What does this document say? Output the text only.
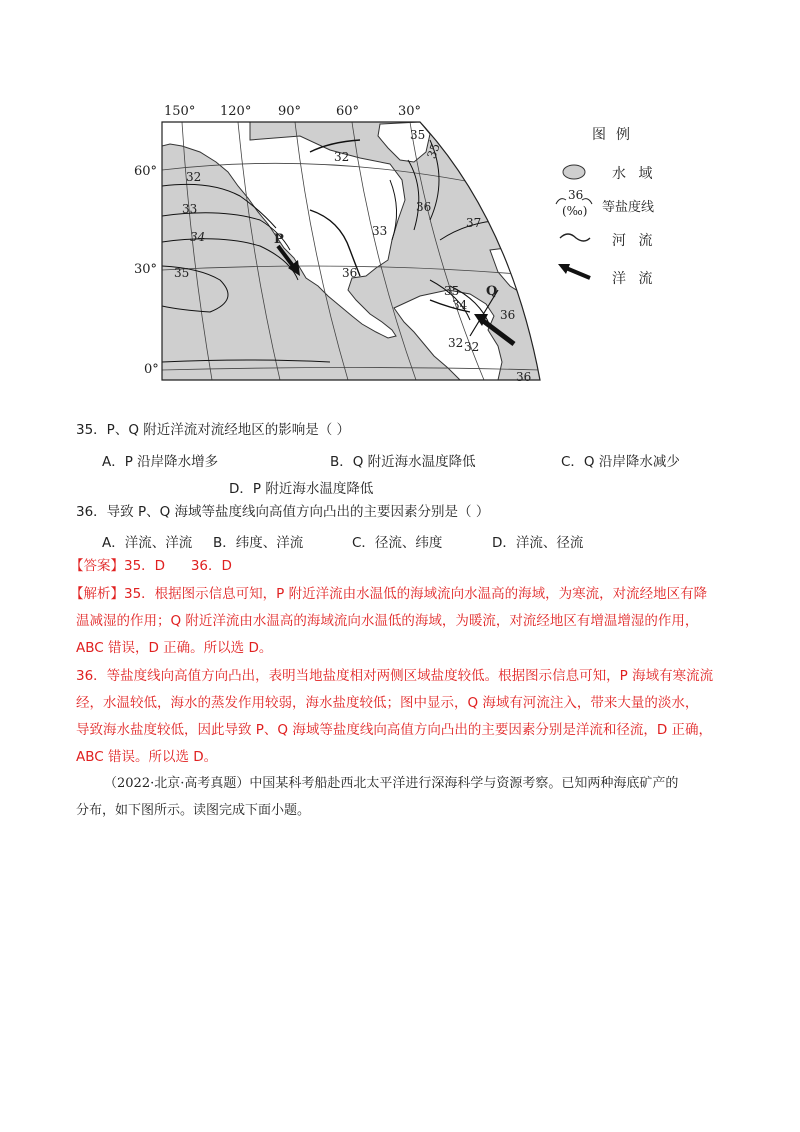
150° 120° 90°	60°	30°
60°
30°
0°
32
35
33
32
36
33
34
35
36
37
35
34
36
32 32
36
35
P
Q
图例
水 域
36
(‰) 等盐度线
河 流
洋 流
35．P、Q 附近洋流对流经地区的影响是（ ）
A．P 沿岸降水增多	B．Q 附近海水温度降低	C．Q 沿岸降水减少
D．P 附近海水温度降低
36．导致 P、Q 海域等盐度线向高值方向凸出的主要因素分别是（ ）
A．洋流、洋流 B．纬度、洋流	C．径流、纬度	D．洋流、径流
【答案】35．D      36．D
【解析】35．根据图示信息可知，P 附近洋流由水温低的海域流向水温高的海域，为寒流，对流经地区有降
温减湿的作用；Q 附近洋流由水温高的海域流向水温低的海域，为暖流，对流经地区有增温增湿的作用，
ABC 错误，D 正确。所以选 D。
36．等盐度线向高值方向凸出，表明当地盐度相对两侧区域盐度较低。根据图示信息可知，P 海域有寒流流
经，水温较低，海水的蒸发作用较弱，海水盐度较低；图中显示，Q 海域有河流注入，带来大量的淡水，
导致海水盐度较低，因此导致 P、Q 海域等盐度线向高值方向凸出的主要因素分别是洋流和径流，D 正确，
ABC 错误。所以选 D。
（2022·北京·高考真题）中国某科考船赴西北太平洋进行深海科学与资源考察。已知两种海底矿产的
分布，如下图所示。读图完成下面小题。
